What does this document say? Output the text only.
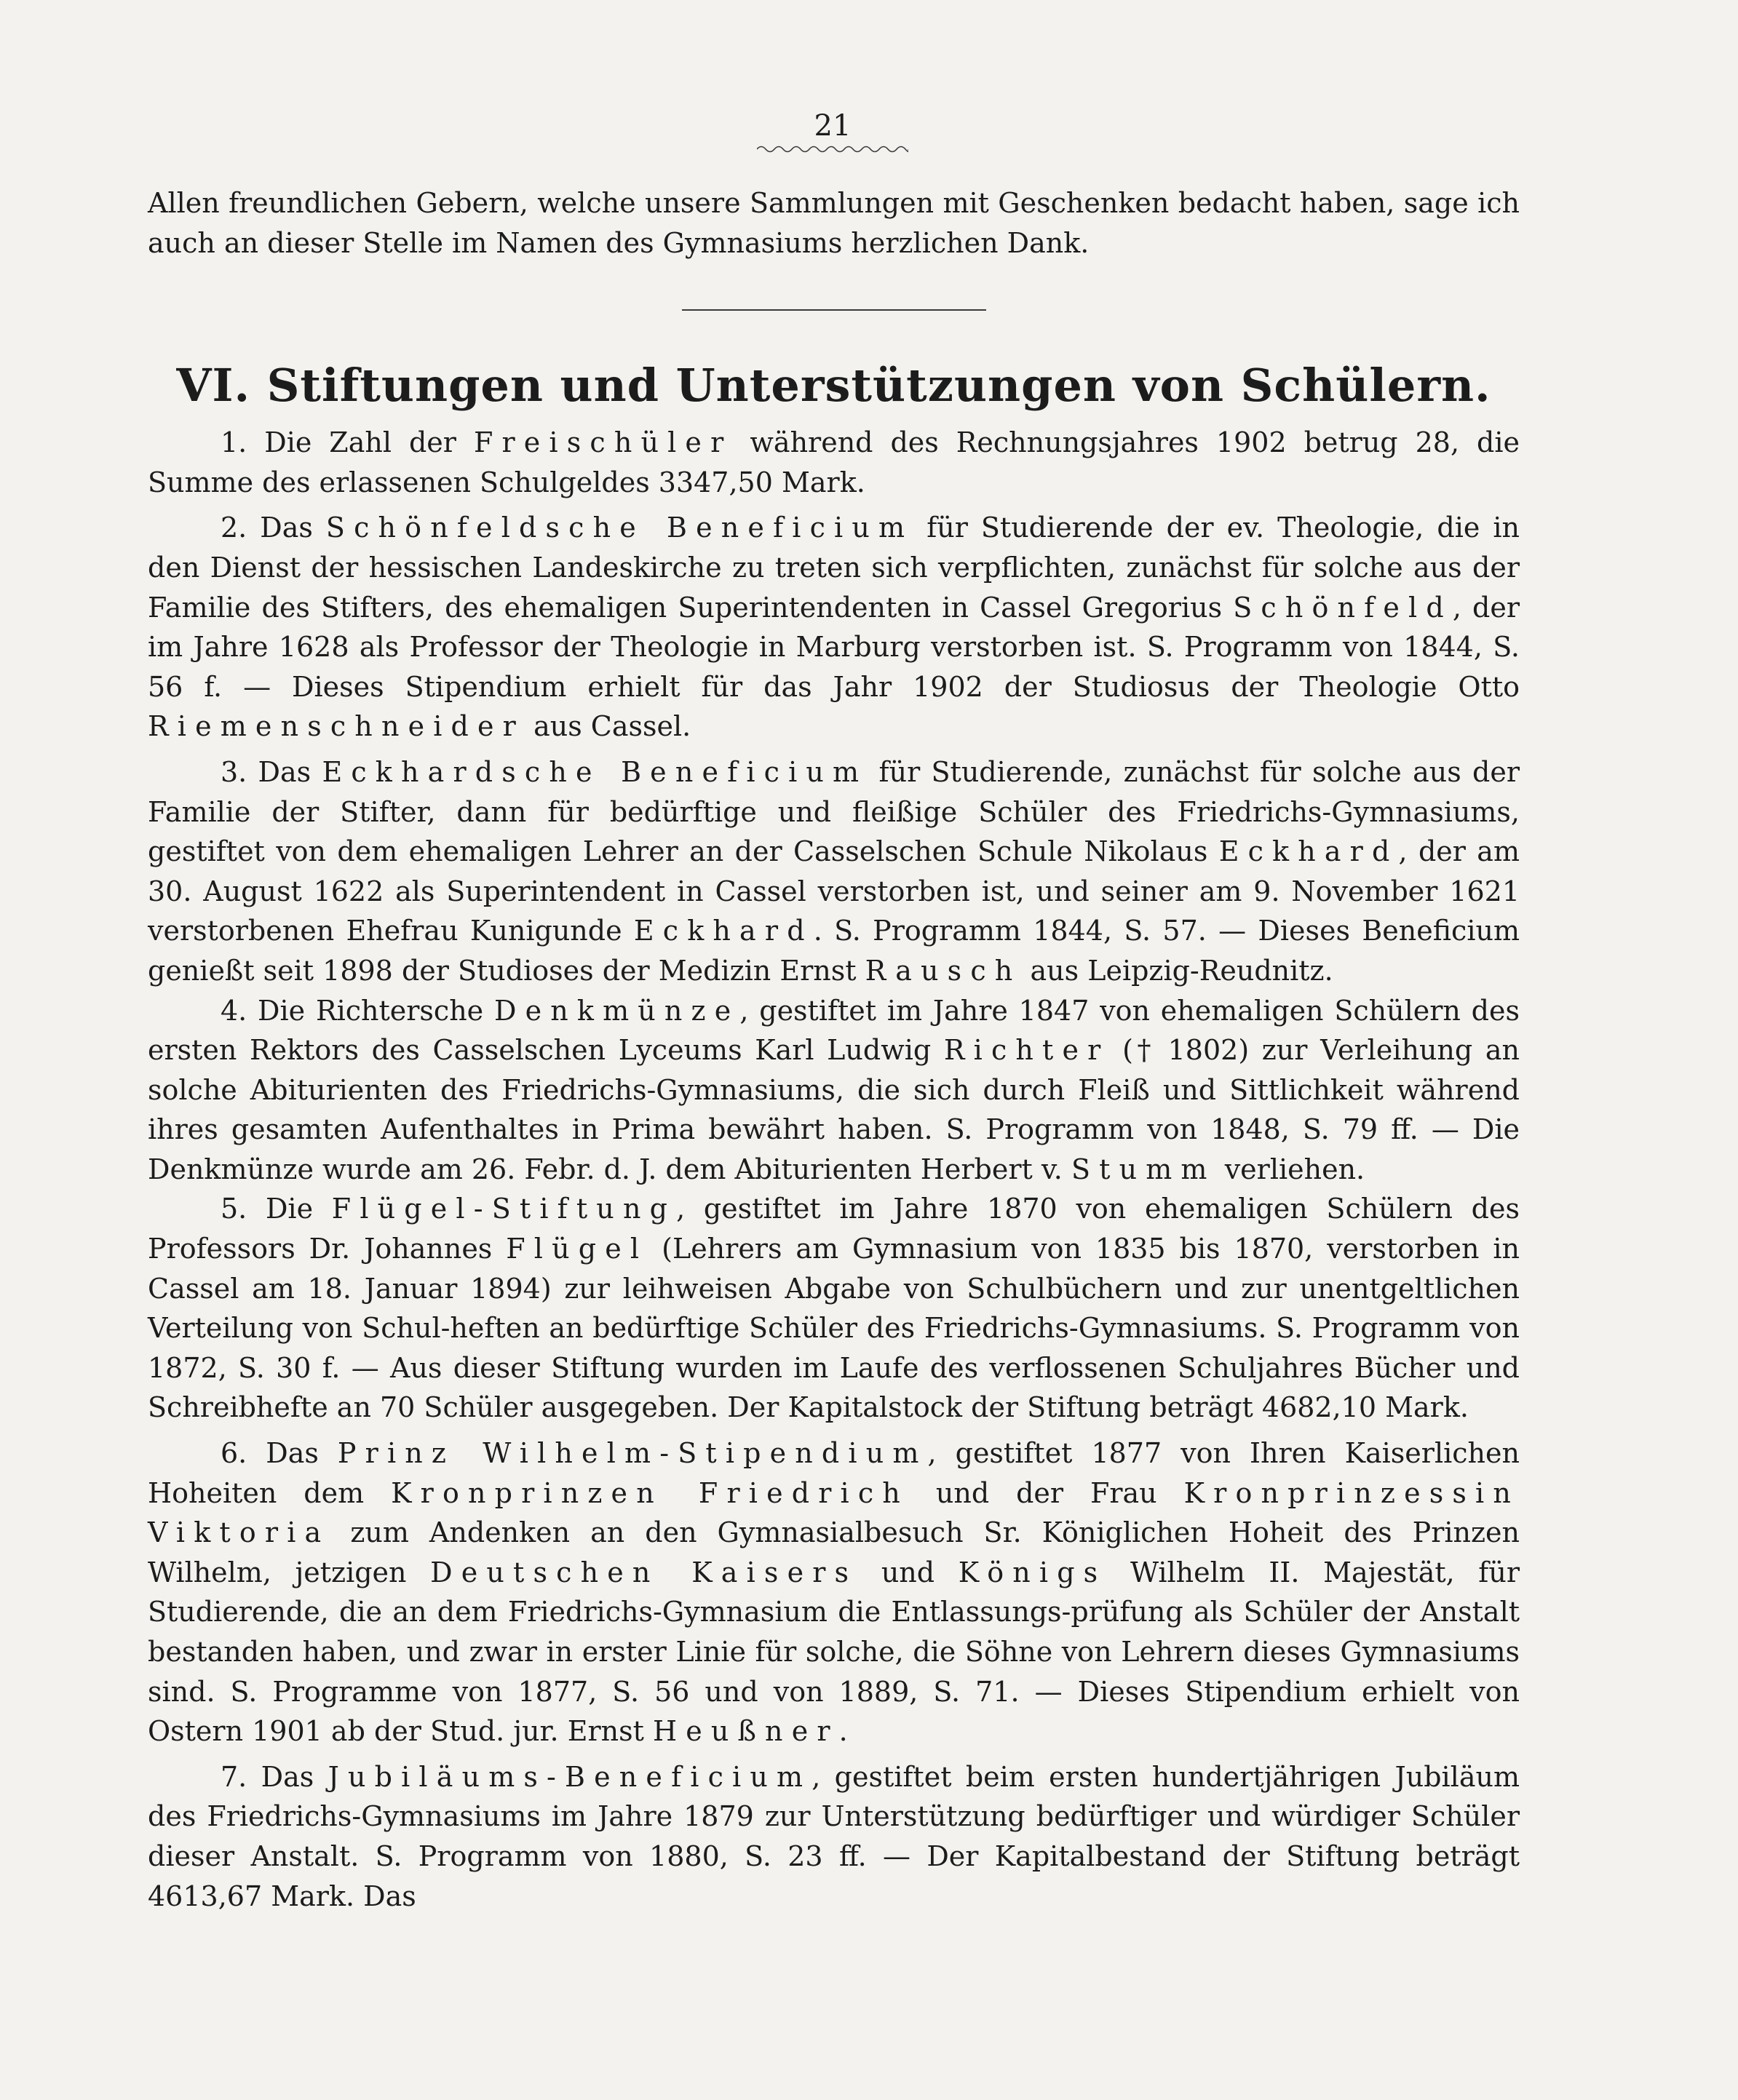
21

Allen freundlichen Gebern, welche unsere Sammlungen mit Geschenken bedacht haben, sage ich auch an dieser Stelle im Namen des Gymnasiums herzlichen Dank.

VI. Stiftungen und Unterstützungen von Schülern.

1. Die Zahl der Freischüler während des Rechnungsjahres 1902 betrug 28, die Summe des erlassenen Schulgeldes 3347,50 Mark.

2. Das Schönfeldsche Beneficium für Studierende der ev. Theologie, die in den Dienst der hessischen Landeskirche zu treten sich verpflichten, zunächst für solche aus der Familie des Stifters, des ehemaligen Superintendenten in Cassel Gregorius Schönfeld, der im Jahre 1628 als Professor der Theologie in Marburg verstorben ist. S. Programm von 1844, S. 56 f. — Dieses Stipendium erhielt für das Jahr 1902 der Studiosus der Theologie Otto Riemenschneider aus Cassel.

3. Das Eckhardsche Beneficium für Studierende, zunächst für solche aus der Familie der Stifter, dann für bedürftige und fleißige Schüler des Friedrichs-Gymnasiums, gestiftet von dem ehemaligen Lehrer an der Casselschen Schule Nikolaus Eckhard, der am 30. August 1622 als Superintendent in Cassel verstorben ist, und seiner am 9. November 1621 verstorbenen Ehefrau Kunigunde Eckhard. S. Programm 1844, S. 57. — Dieses Beneficium genießt seit 1898 der Studioses der Medizin Ernst Rausch aus Leipzig-Reudnitz.

4. Die Richtersche Denkmünze, gestiftet im Jahre 1847 von ehemaligen Schülern des ersten Rektors des Casselschen Lyceums Karl Ludwig Richter († 1802) zur Verleihung an solche Abiturienten des Friedrichs-Gymnasiums, die sich durch Fleiß und Sittlichkeit während ihres gesamten Aufenthaltes in Prima bewährt haben. S. Programm von 1848, S. 79 ff. — Die Denkmünze wurde am 26. Febr. d. J. dem Abiturienten Herbert v. Stumm verliehen.

5. Die Flügel-Stiftung, gestiftet im Jahre 1870 von ehemaligen Schülern des Professors Dr. Johannes Flügel (Lehrers am Gymnasium von 1835 bis 1870, verstorben in Cassel am 18. Januar 1894) zur leihweisen Abgabe von Schulbüchern und zur unentgeltlichen Verteilung von Schul-heften an bedürftige Schüler des Friedrichs-Gymnasiums. S. Programm von 1872, S. 30 f. — Aus dieser Stiftung wurden im Laufe des verflossenen Schuljahres Bücher und Schreibhefte an 70 Schüler ausgegeben. Der Kapitalstock der Stiftung beträgt 4682,10 Mark.

6. Das Prinz Wilhelm-Stipendium, gestiftet 1877 von Ihren Kaiserlichen Hoheiten dem Kronprinzen Friedrich und der Frau Kronprinzessin Viktoria zum Andenken an den Gymnasialbesuch Sr. Königlichen Hoheit des Prinzen Wilhelm, jetzigen Deutschen Kaisers und Königs Wilhelm II. Majestät, für Studierende, die an dem Friedrichs-Gymnasium die Entlassungs-prüfung als Schüler der Anstalt bestanden haben, und zwar in erster Linie für solche, die Söhne von Lehrern dieses Gymnasiums sind. S. Programme von 1877, S. 56 und von 1889, S. 71. — Dieses Stipendium erhielt von Ostern 1901 ab der Stud. jur. Ernst Heußner.

7. Das Jubiläums-Beneficium, gestiftet beim ersten hundertjährigen Jubiläum des Friedrichs-Gymnasiums im Jahre 1879 zur Unterstützung bedürftiger und würdiger Schüler dieser Anstalt. S. Programm von 1880, S. 23 ff. — Der Kapitalbestand der Stiftung beträgt 4613,67 Mark. Das
